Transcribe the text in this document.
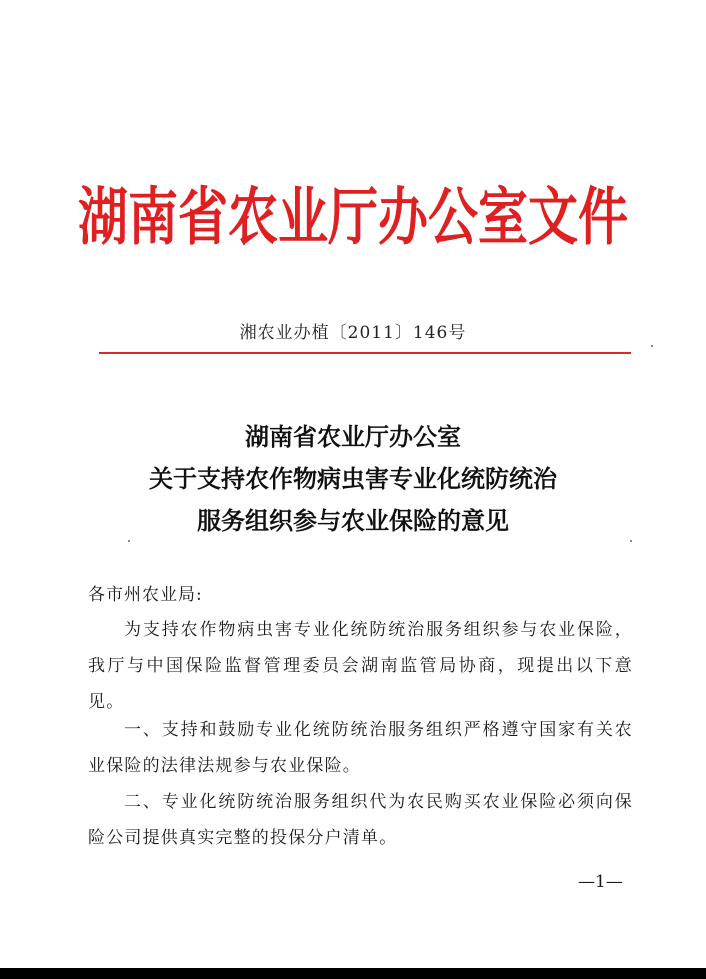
湖南省农业厅办公室文件
湘农业办植〔2011〕146号
湖南省农业厅办公室
关于支持农作物病虫害专业化统防统治
服务组织参与农业保险的意见
各市州农业局:

为支持农作物病虫害专业化统防统治服务组织参与农业保险，我厅与中国保险监督管理委员会湖南监管局协商，现提出以下意见。

一、支持和鼓励专业化统防统治服务组织严格遵守国家有关农业保险的法律法规参与农业保险。

二、专业化统防统治服务组织代为农民购买农业保险必须向保险公司提供真实完整的投保分户清单。

—1—
